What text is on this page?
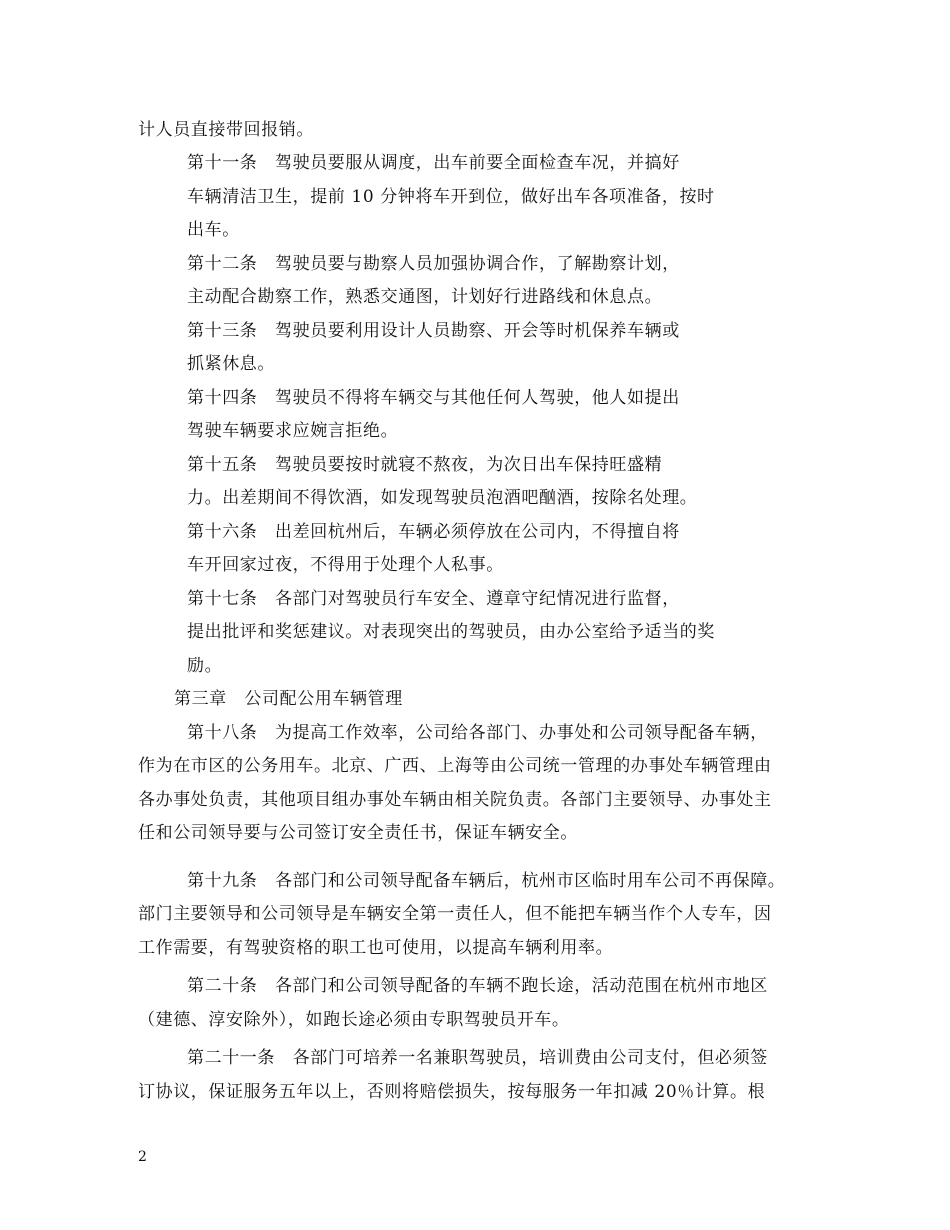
计人员直接带回报销。
第十一条　驾驶员要服从调度，出车前要全面检查车况，并搞好
车辆清洁卫生，提前 10 分钟将车开到位，做好出车各项准备，按时
出车。
第十二条　驾驶员要与勘察人员加强协调合作，了解勘察计划，
主动配合勘察工作，熟悉交通图，计划好行进路线和休息点。
第十三条　驾驶员要利用设计人员勘察、开会等时机保养车辆或
抓紧休息。
第十四条　驾驶员不得将车辆交与其他任何人驾驶，他人如提出
驾驶车辆要求应婉言拒绝。
第十五条　驾驶员要按时就寝不熬夜，为次日出车保持旺盛精
力。出差期间不得饮酒，如发现驾驶员泡酒吧酗酒，按除名处理。
第十六条　出差回杭州后，车辆必须停放在公司内，不得擅自将
车开回家过夜，不得用于处理个人私事。
第十七条　各部门对驾驶员行车安全、遵章守纪情况进行监督，
提出批评和奖惩建议。对表现突出的驾驶员，由办公室给予适当的奖
励。
第三章　公司配公用车辆管理
第十八条　为提高工作效率，公司给各部门、办事处和公司领导配备车辆，
作为在市区的公务用车。北京、广西、上海等由公司统一管理的办事处车辆管理由
各办事处负责，其他项目组办事处车辆由相关院负责。各部门主要领导、办事处主
任和公司领导要与公司签订安全责任书，保证车辆安全。
第十九条　各部门和公司领导配备车辆后，杭州市区临时用车公司不再保障。
部门主要领导和公司领导是车辆安全第一责任人，但不能把车辆当作个人专车，因
工作需要，有驾驶资格的职工也可使用，以提高车辆利用率。
第二十条　各部门和公司领导配备的车辆不跑长途，活动范围在杭州市地区
（建德、淳安除外），如跑长途必须由专职驾驶员开车。
第二十一条　各部门可培养一名兼职驾驶员，培训费由公司支付，但必须签
订协议，保证服务五年以上，否则将赔偿损失，按每服务一年扣减 20％计算。根
2
